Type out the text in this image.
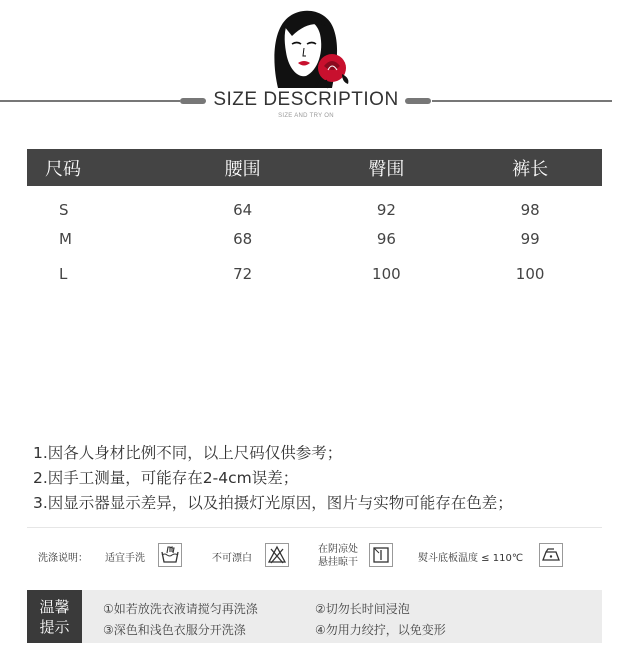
SIZE DESCRIPTION
SIZE AND TRY ON
尺码	腰围	臀围	裤长
S	64	92	98
M	68	96	99
L	72	100	100
1.因各人身材比例不同，以上尺码仅供参考；
2.因手工测量，可能存在2-4cm误差；
3.因显示器显示差异，以及拍摄灯光原因，图片与实物可能存在色差；
洗涤说明： 适宜手洗	不可漂白
在阴凉处
悬挂晾干	熨斗底板温度 ≤ 110℃
温馨
提示
①如若放洗衣液请搅匀再洗涤	②切勿长时间浸泡
③深色和浅色衣服分开洗涤	④勿用力绞拧，以免变形
